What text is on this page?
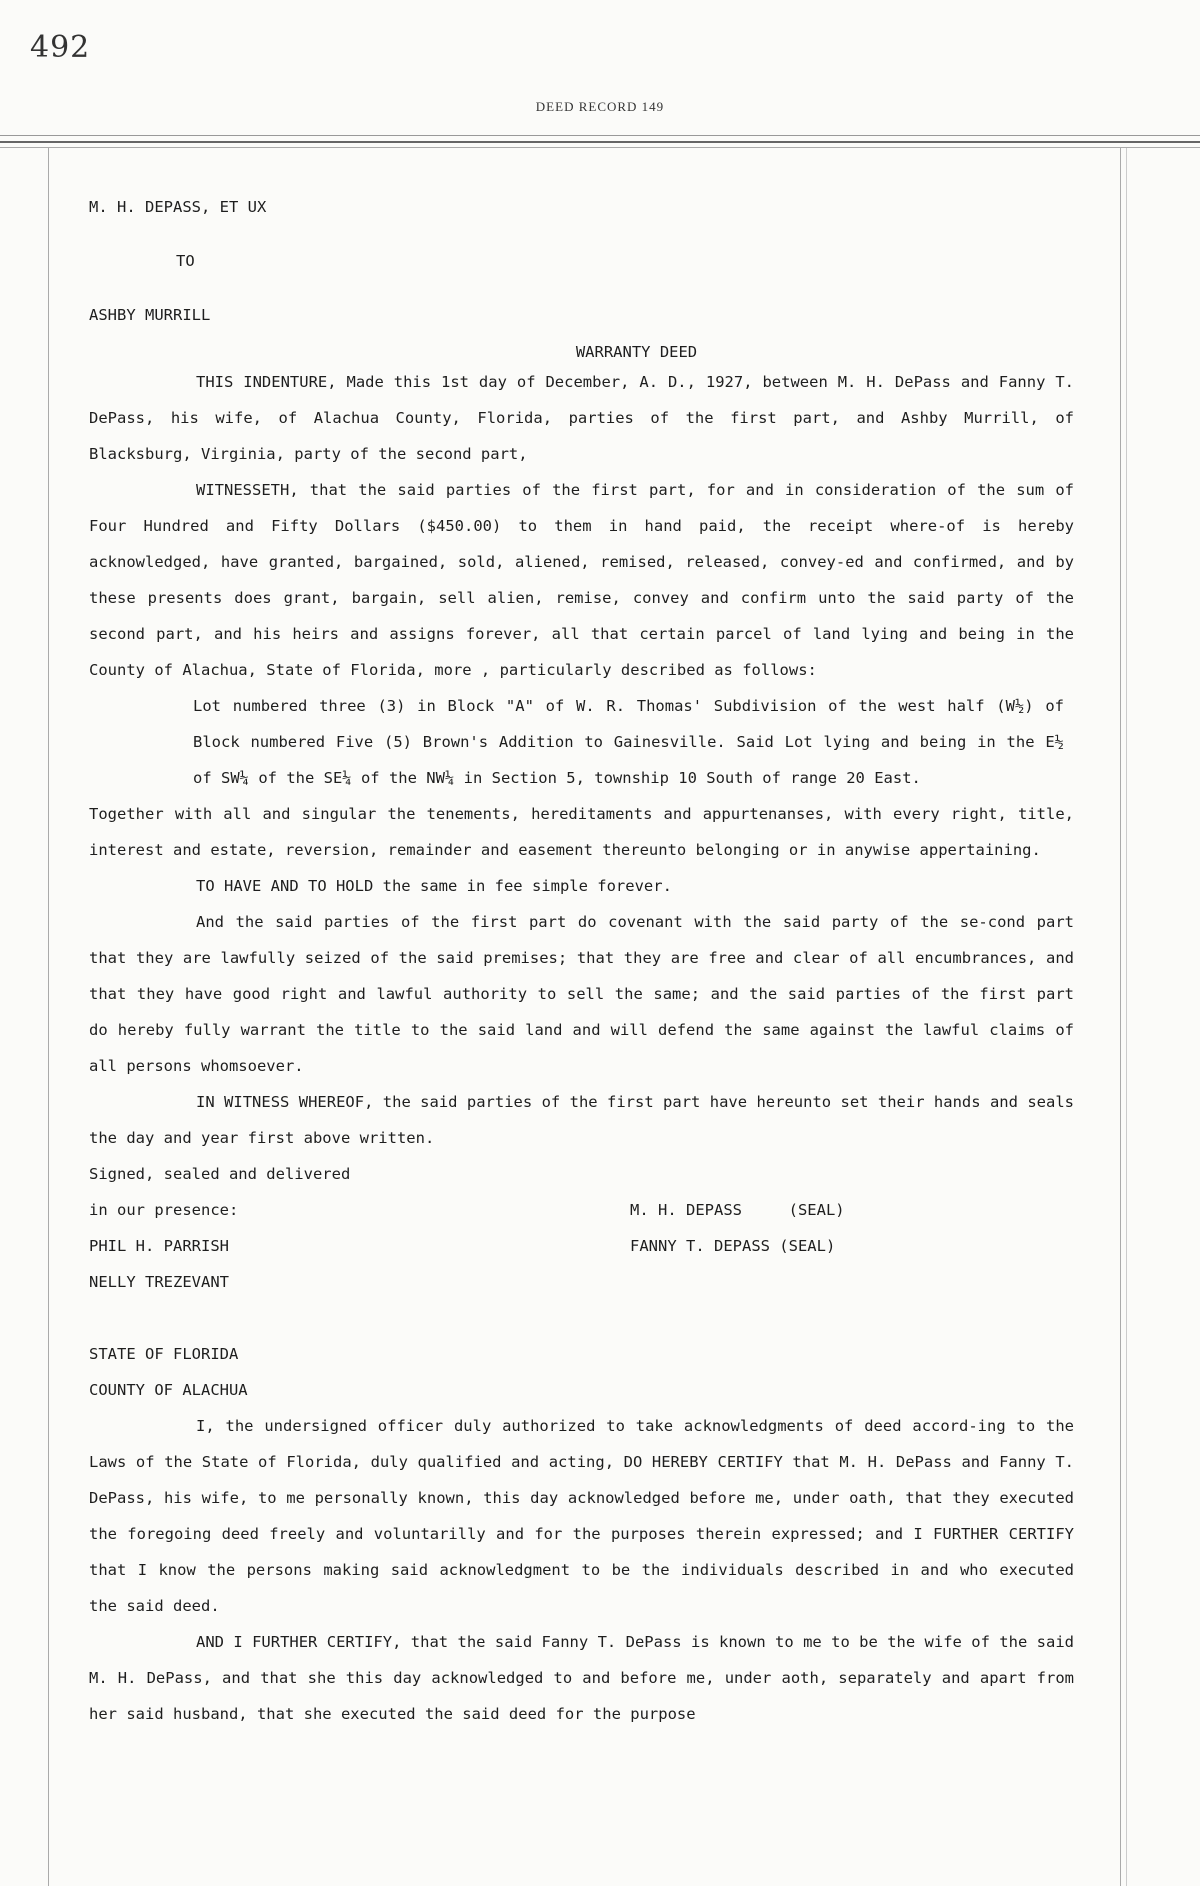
492
DEED RECORD 149

M. H. DEPASS, ET UX

TO

ASHBY MURRILL

WARRANTY DEED

THIS INDENTURE, Made this 1st day of December, A. D., 1927, between M. H. DePass and Fanny T. DePass, his wife, of Alachua County, Florida, parties of the first part, and Ashby Murrill, of Blacksburg, Virginia, party of the second part,

WITNESSETH, that the said parties of the first part, for and in consideration of the sum of Four Hundred and Fifty Dollars ($450.00) to them in hand paid, the receipt where-of is hereby acknowledged, have granted, bargained, sold, aliened, remised, released, convey-ed and confirmed, and by these presents does grant, bargain, sell alien, remise, convey and confirm unto the said party of the second part, and his heirs and assigns forever, all that certain parcel of land lying and being in the County of Alachua, State of Florida, more , particularly described as follows:

Lot numbered three (3) in Block "A" of W. R. Thomas' Subdivision of the west half (W½) of Block numbered Five (5) Brown's Addition to Gainesville. Said Lot lying and being in the E½ of SW¼ of the SE¼ of the NW¼ in Section 5, township 10 South of range 20 East.

Together with all and singular the tenements, hereditaments and appurtenanses, with every right, title, interest and estate, reversion, remainder and easement thereunto belonging or in anywise appertaining.

TO HAVE AND TO HOLD the same in fee simple forever.

And the said parties of the first part do covenant with the said party of the se-cond part that they are lawfully seized of the said premises; that they are free and clear of all encumbrances, and that they have good right and lawful authority to sell the same; and the said parties of the first part do hereby fully warrant the title to the said land and will defend the same against the lawful claims of all persons whomsoever.

IN WITNESS WHEREOF, the said parties of the first part have hereunto set their hands and seals the day and year first above written.

Signed, sealed and delivered

in our presence:	M. H. DEPASS     (SEAL)
PHIL H. PARRISH	FANNY T. DEPASS (SEAL)

NELLY TREZEVANT

STATE OF FLORIDA

COUNTY OF ALACHUA

I, the undersigned officer duly authorized to take acknowledgments of deed accord-ing to the Laws of the State of Florida, duly qualified and acting, DO HEREBY CERTIFY that M. H. DePass and Fanny T. DePass, his wife, to me personally known, this day acknowledged before me, under oath, that they executed the foregoing deed freely and voluntarilly and for the purposes therein expressed; and I FURTHER CERTIFY that I know the persons making said acknowledgment to be the individuals described in and who executed the said deed.

AND I FURTHER CERTIFY, that the said Fanny T. DePass is known to me to be the wife of the said M. H. DePass, and that she this day acknowledged to and before me, under aoth, separately and apart from her said husband, that she executed the said deed for the purpose
